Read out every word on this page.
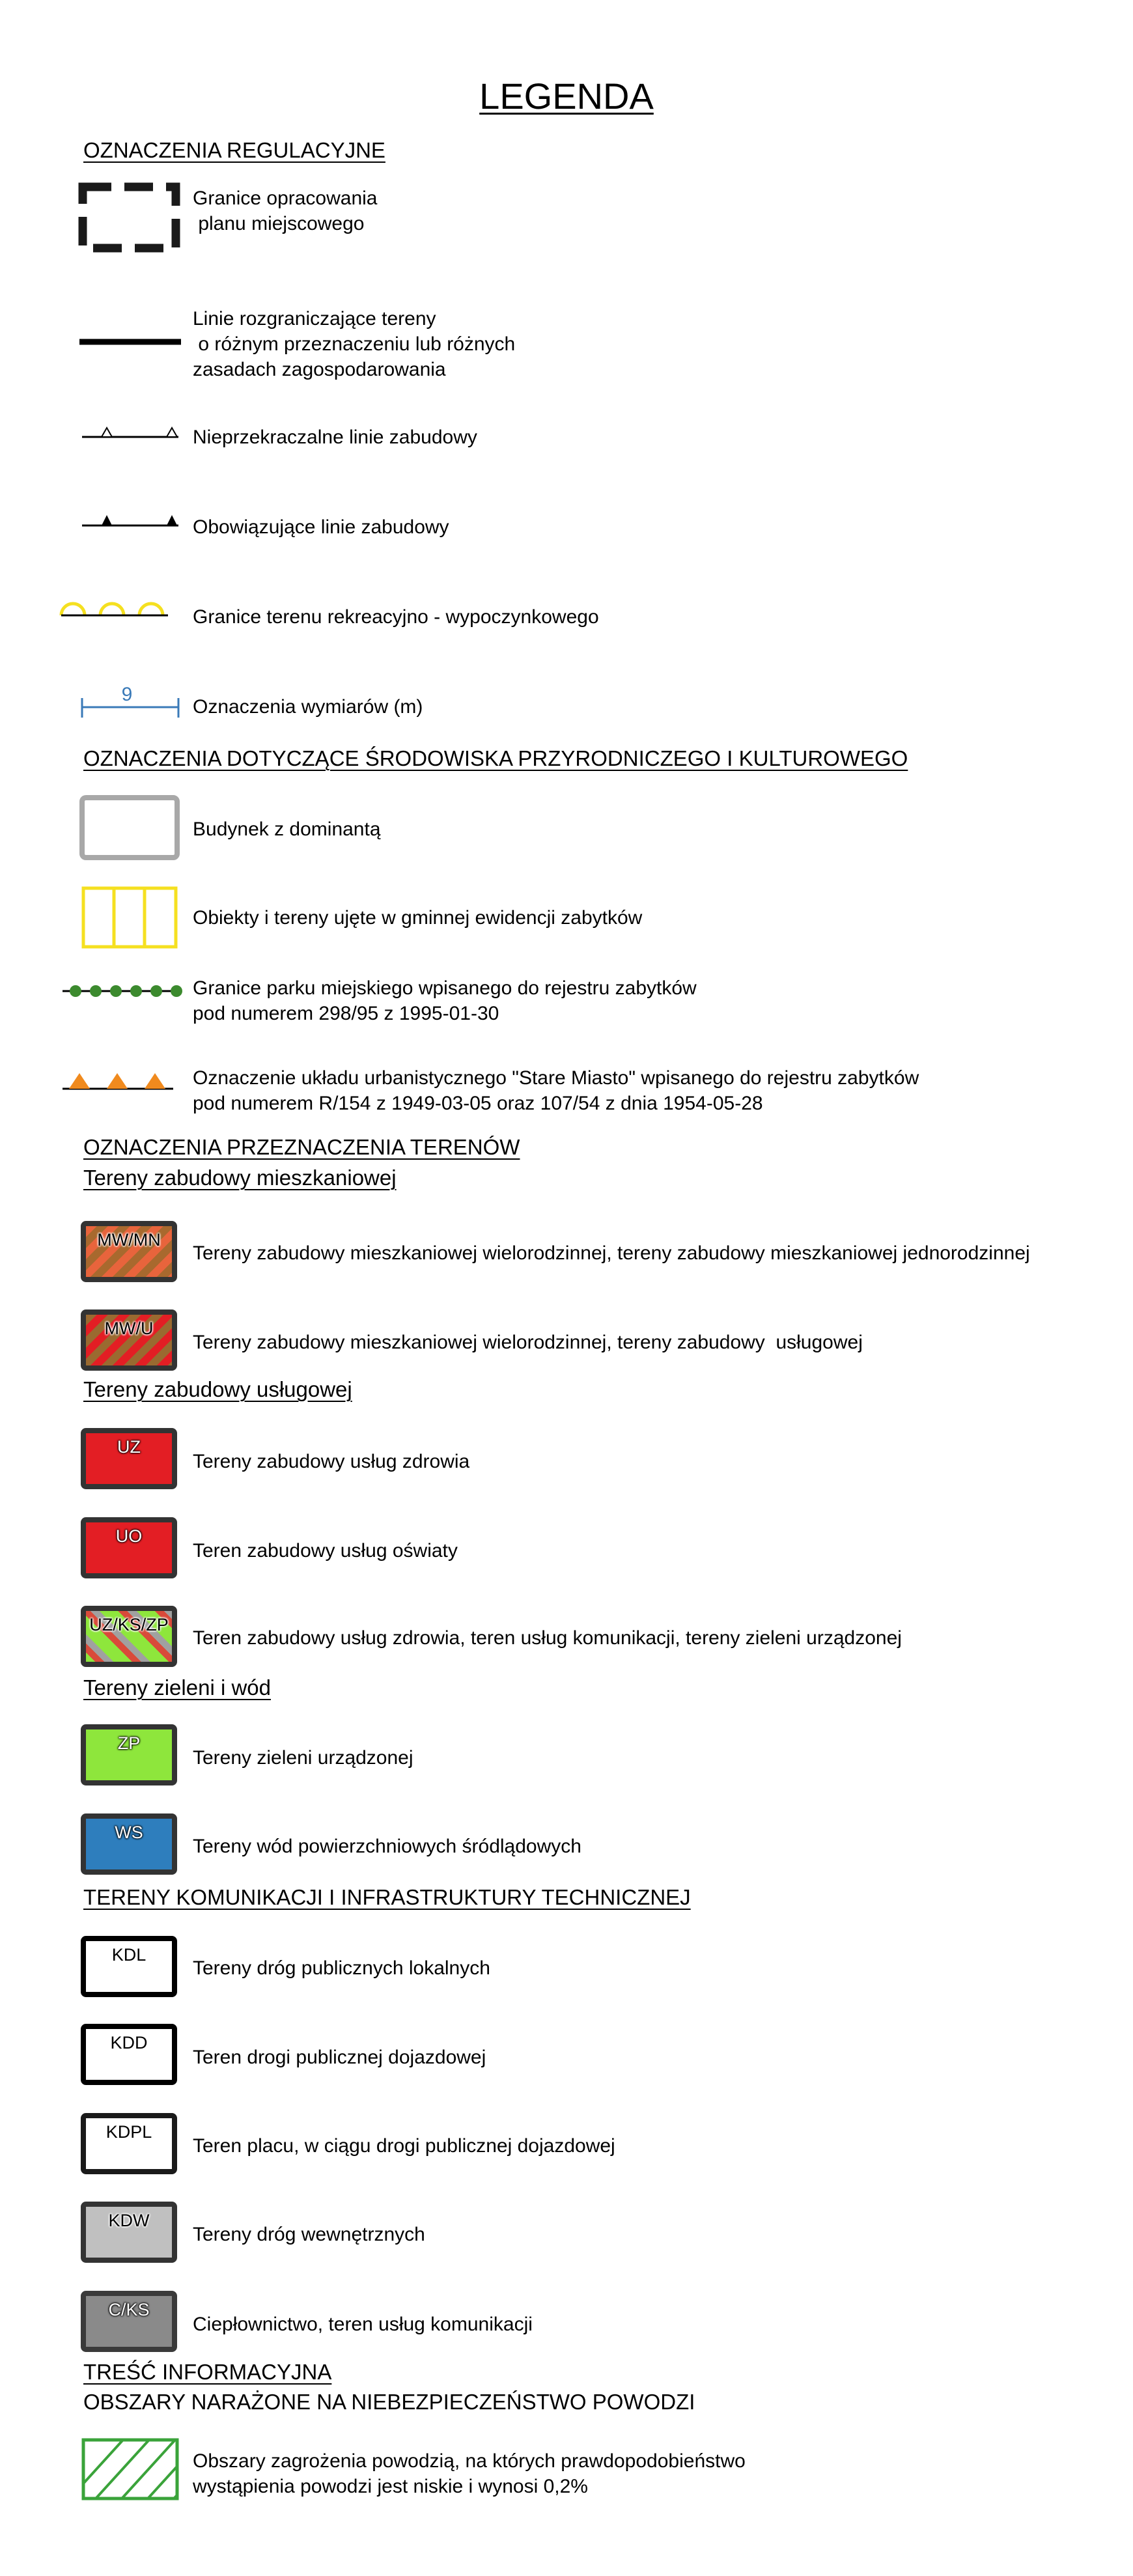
LEGENDA
OZNACZENIA REGULACYJNE
Granice opracowania
planu miejscowego
Linie rozgraniczające tereny
o różnym przeznaczeniu lub różnych
zasadach zagospodarowania
Nieprzekraczalne linie zabudowy
Obowiązujące linie zabudowy
Granice terenu rekreacyjno - wypoczynkowego
9
Oznaczenia wymiarów (m)
OZNACZENIA DOTYCZĄCE ŚRODOWISKA PRZYRODNICZEGO I KULTUROWEGO
Budynek z dominantą
Obiekty i tereny ujęte w gminnej ewidencji zabytków
Granice parku miejskiego wpisanego do rejestru zabytków
pod numerem 298/95 z 1995-01-30
Oznaczenie układu urbanistycznego "Stare Miasto" wpisanego do rejestru zabytków
pod numerem R/154 z 1949-03-05 oraz 107/54 z dnia 1954-05-28
OZNACZENIA PRZEZNACZENIA TERENÓW
Tereny zabudowy mieszkaniowej
MW/MN
Tereny zabudowy mieszkaniowej wielorodzinnej, tereny zabudowy mieszkaniowej jednorodzinnej
MW/U
Tereny zabudowy mieszkaniowej wielorodzinnej, tereny zabudowy  usługowej
Tereny zabudowy usługowej
UZ
Tereny zabudowy usług zdrowia
UO
Teren zabudowy usług oświaty
UZ/KS/ZP
Teren zabudowy usług zdrowia, teren usług komunikacji, tereny zieleni urządzonej
Tereny zieleni i wód
ZP
Tereny zieleni urządzonej
WS
Tereny wód powierzchniowych śródlądowych
TERENY KOMUNIKACJI I INFRASTRUKTURY TECHNICZNEJ
KDL
Tereny dróg publicznych lokalnych
KDD
Teren drogi publicznej dojazdowej
KDPL
Teren placu, w ciągu drogi publicznej dojazdowej
KDW
Tereny dróg wewnętrznych
C/KS
Ciepłownictwo, teren usług komunikacji
TREŚĆ INFORMACYJNA
OBSZARY NARAŻONE NA NIEBEZPIECZEŃSTWO POWODZI
Obszary zagrożenia powodzią, na których prawdopodobieństwo
wystąpienia powodzi jest niskie i wynosi 0,2%
